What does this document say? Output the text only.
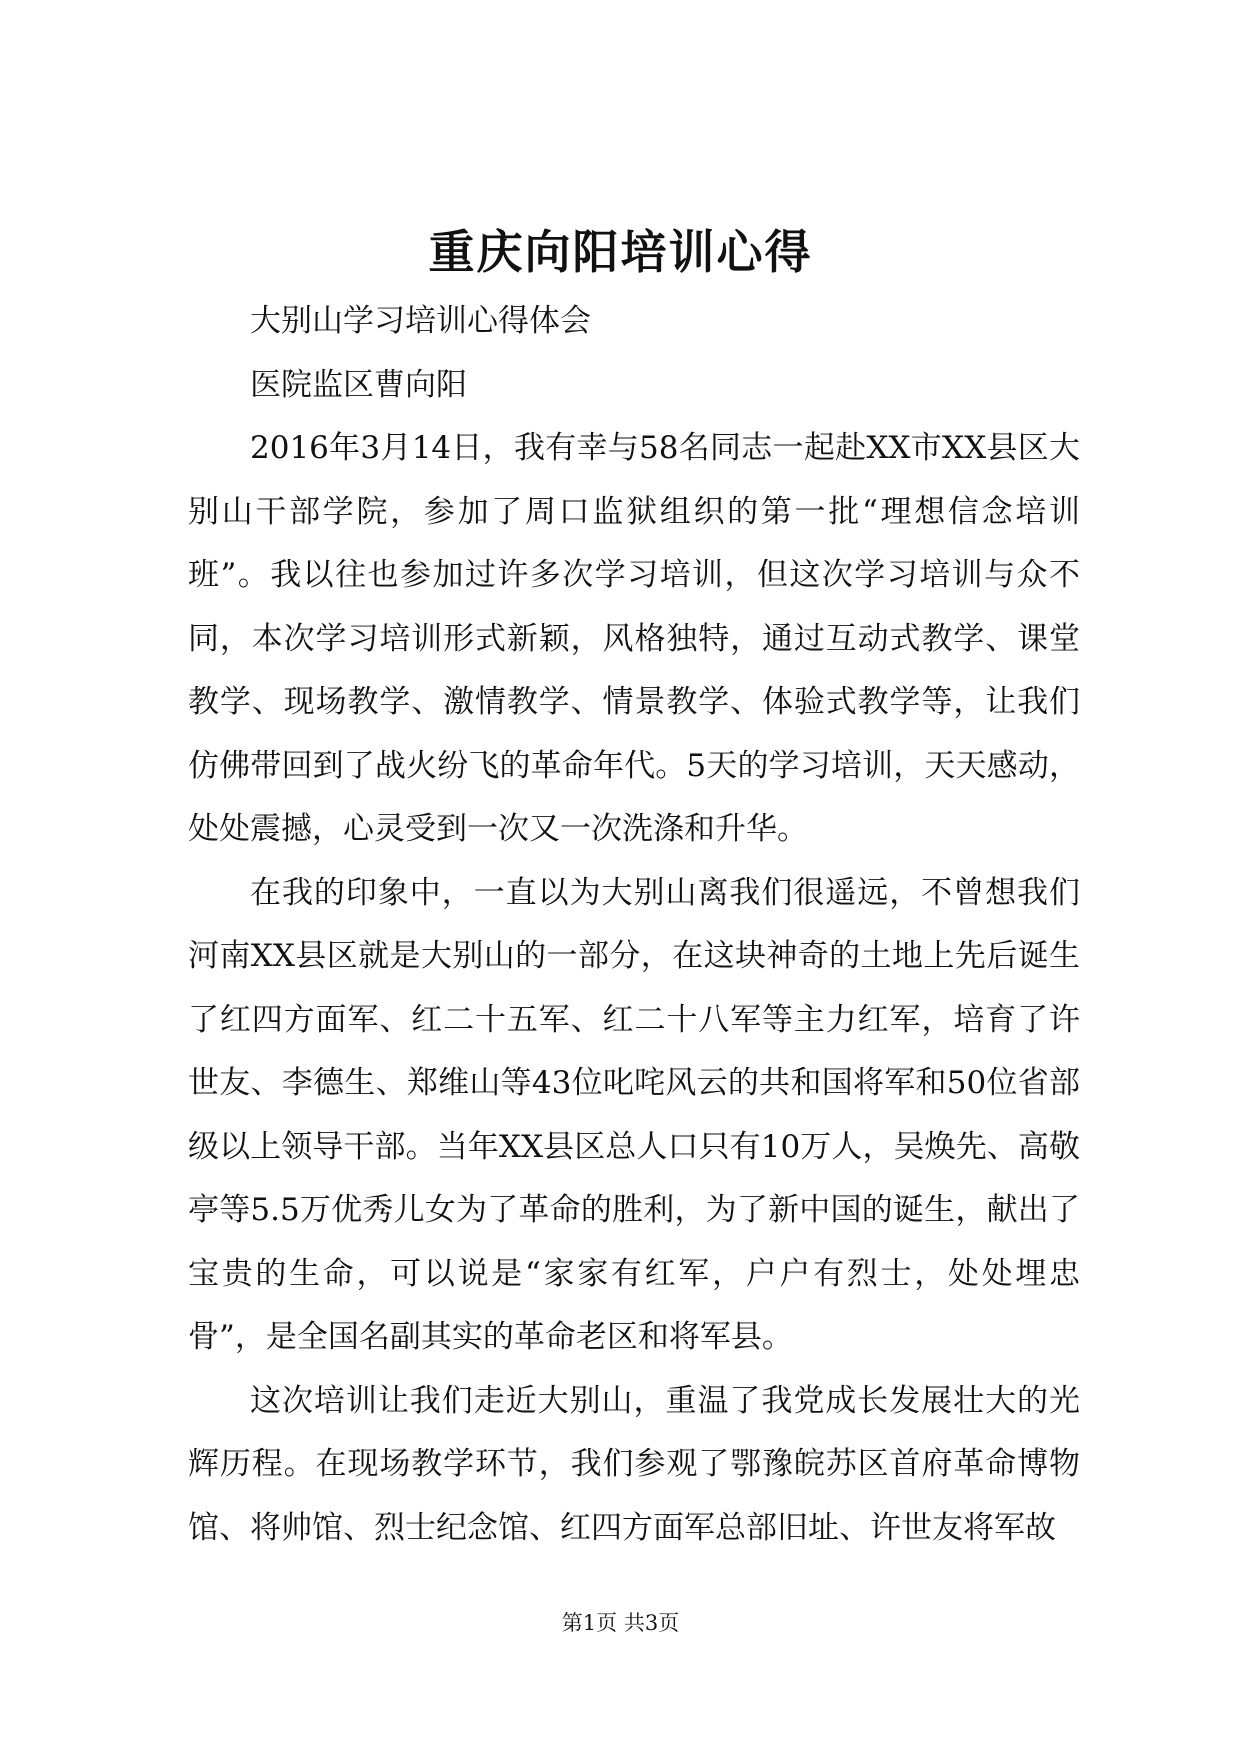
重庆向阳培训心得

大别山学习培训心得体会

医院监区曹向阳

2016年3月14日，我有幸与58名同志一起赴XX市XX县区大别山干部学院，参加了周口监狱组织的第一批“理想信念培训班”。我以往也参加过许多次学习培训，但这次学习培训与众不同，本次学习培训形式新颖，风格独特，通过互动式教学、课堂教学、现场教学、激情教学、情景教学、体验式教学等，让我们仿佛带回到了战火纷飞的革命年代。5天的学习培训，天天感动，处处震撼，心灵受到一次又一次洗涤和升华。

在我的印象中，一直以为大别山离我们很遥远，不曾想我们河南XX县区就是大别山的一部分，在这块神奇的土地上先后诞生了红四方面军、红二十五军、红二十八军等主力红军，培育了许世友、李德生、郑维山等43位叱咤风云的共和国将军和50位省部级以上领导干部。当年XX县区总人口只有10万人，吴焕先、高敬亭等5.5万优秀儿女为了革命的胜利，为了新中国的诞生，献出了宝贵的生命，可以说是“家家有红军，户户有烈士，处处埋忠骨”，是全国名副其实的革命老区和将军县。

这次培训让我们走近大别山，重温了我党成长发展壮大的光辉历程。在现场教学环节，我们参观了鄂豫皖苏区首府革命博物馆、将帅馆、烈士纪念馆、红四方面军总部旧址、许世友将军故

第1页 共3页
